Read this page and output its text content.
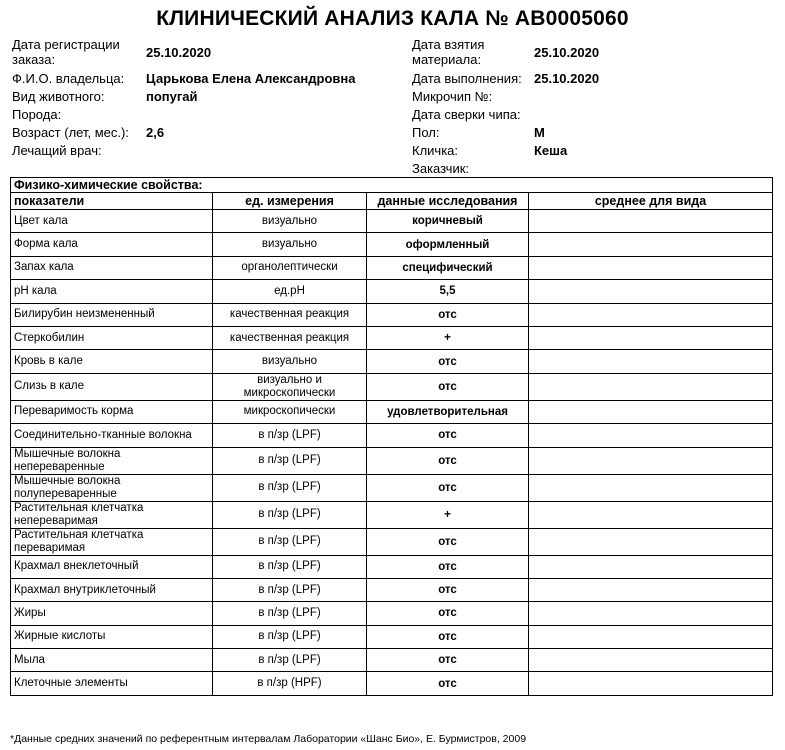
КЛИНИЧЕСКИЙ АНАЛИЗ КАЛА № АВ0005060
Дата регистрации заказа:	25.10.2020
Ф.И.О. владельца: Царькова Елена Александровна
Вид животного:	попугай
Порода:
Возраст (лет, мес.): 2,6
Лечащий врач:
Дата взятия материала:	25.10.2020
Дата выполнения: 25.10.2020
Микрочип №:
Дата сверки чипа:
Пол:	М
Кличка:	Кеша
Заказчик:
Физико-химические свойства:			
показатели	ед. измерения	данные исследования	среднее для вида
Цвет кала	визуально	коричневый	
Форма кала	визуально	оформленный	
Запах кала	органолептически	специфический	
pH кала	ед.pH	5,5	
Билирубин неизмененный	качественная реакция	отс	
Стеркобилин	качественная реакция	+	
Кровь в кале	визуально	отс	
Слизь в кале	визуально и микроскопически	отс	
Переваримость корма	микроскопически	удовлетворительная	
Соединительно-тканные волокна	в п/зр (LPF)	отс	
Мышечные волокна непереваренные	в п/зр (LPF)	отс	
Мышечные волокна полупереваренные	в п/зр (LPF)	отс	
Растительная клетчатка непереваримая	в п/зр (LPF)	+	
Растительная клетчатка переваримая	в п/зр (LPF)	отс	
Крахмал внеклеточный	в п/зр (LPF)	отс	
Крахмал внутриклеточный	в п/зр (LPF)	отс	
Жиры	в п/зр (LPF)	отс	
Жирные кислоты	в п/зр (LPF)	отс	
Мыла	в п/зр (LPF)	отс	
Клеточные элементы	в п/зр (HPF)	отс	
*Данные средних значений по референтным интервалам Лаборатории «Шанс Био», Е. Бурмистров, 2009
